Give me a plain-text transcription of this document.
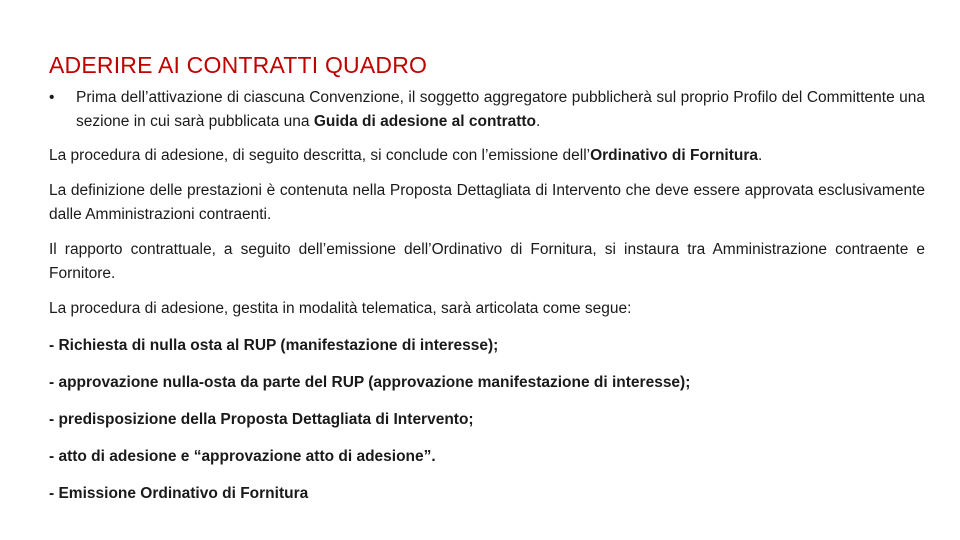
ADERIRE AI CONTRATTI QUADRO
•	Prima dell’attivazione di ciascuna Convenzione, il soggetto aggregatore pubblicherà sul proprio Profilo del Committente una sezione in cui sarà pubblicata una Guida di adesione al contratto.

La procedura di adesione, di seguito descritta, si conclude con l’emissione dell’Ordinativo di Fornitura.

La definizione delle prestazioni è contenuta nella Proposta Dettagliata di Intervento che deve essere approvata esclusivamente dalle Amministrazioni contraenti.

Il rapporto contrattuale, a seguito dell’emissione dell’Ordinativo di Fornitura, si instaura tra Amministrazione contraente e Fornitore.

La procedura di adesione, gestita in modalità telematica, sarà articolata come segue:

- Richiesta di nulla osta al RUP (manifestazione di interesse);

- approvazione nulla-osta da parte del RUP (approvazione manifestazione di interesse);

- predisposizione della Proposta Dettagliata di Intervento;

- atto di adesione e “approvazione atto di adesione”.

- Emissione Ordinativo di Fornitura
